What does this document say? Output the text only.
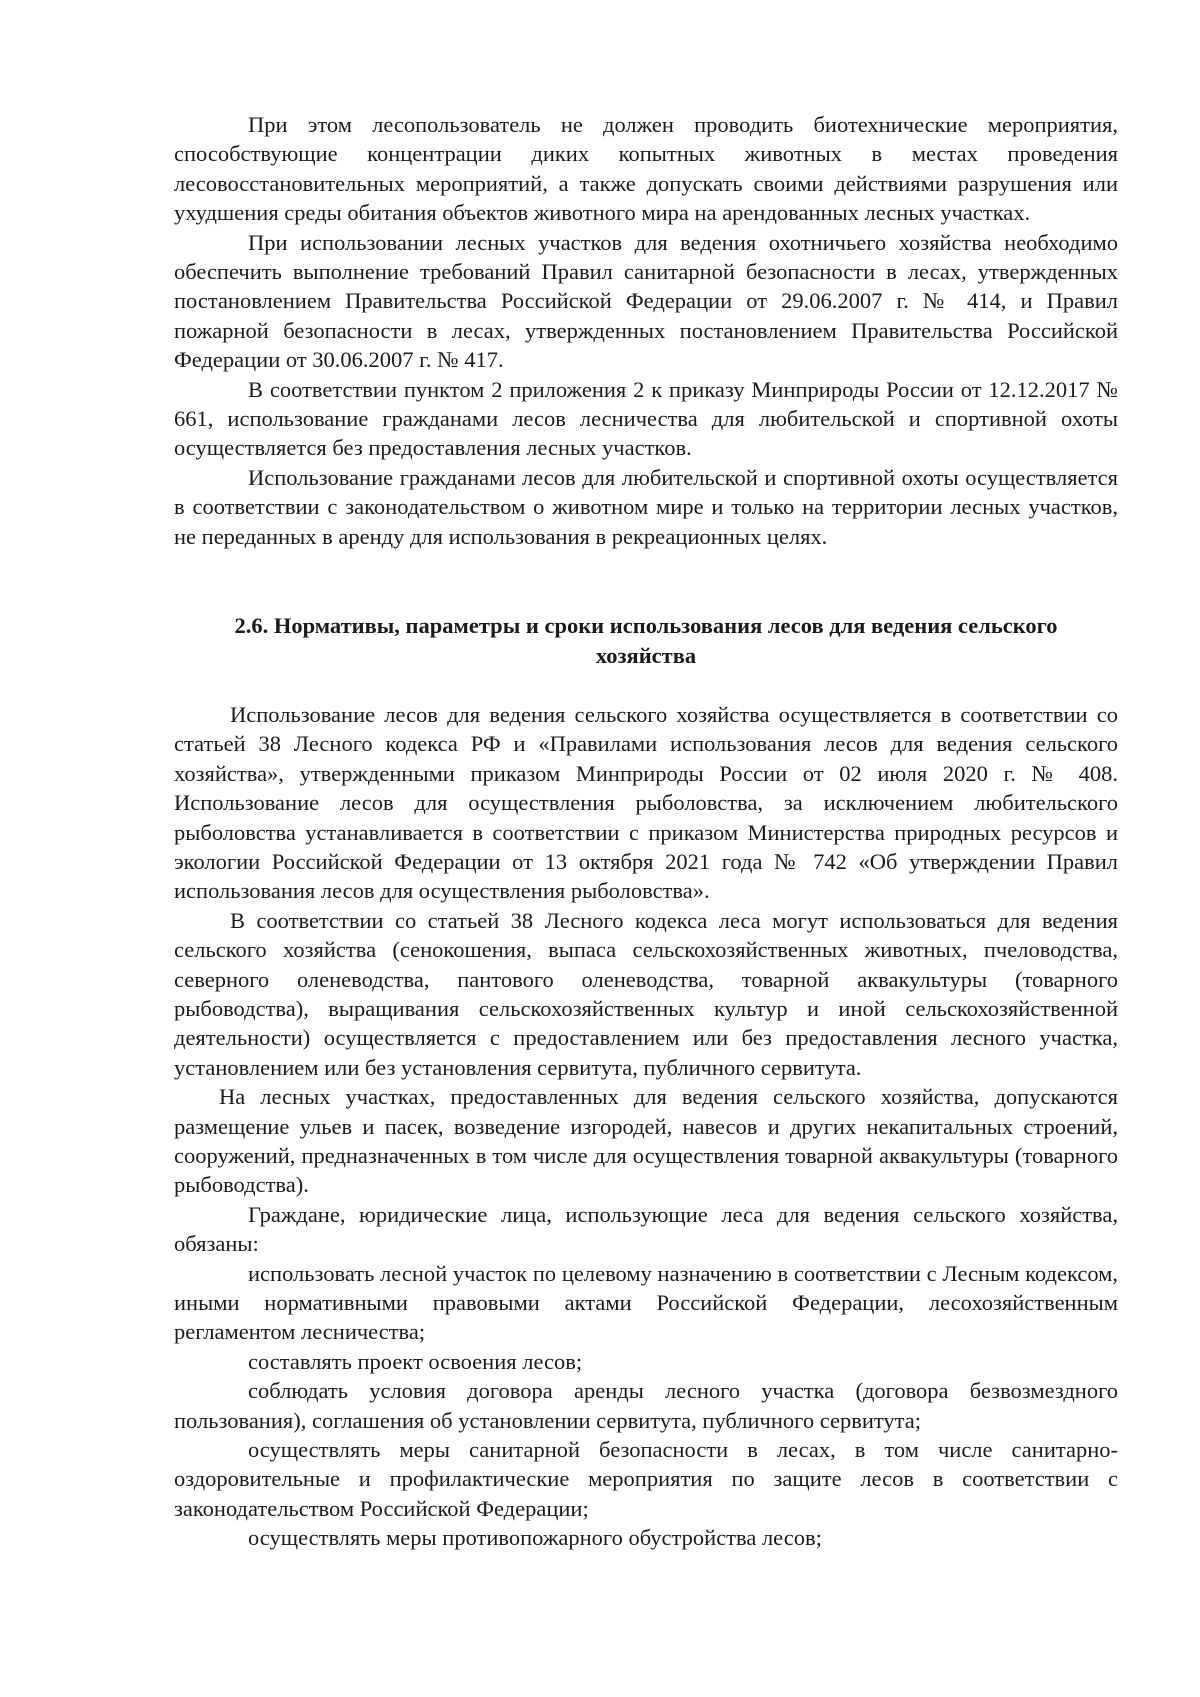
При этом лесопользователь не должен проводить биотехнические мероприятия, способствующие концентрации диких копытных животных в местах проведения лесовосстановительных мероприятий, а также допускать своими действиями разрушения или ухудшения среды обитания объектов животного мира на арендованных лесных участках.

При использовании лесных участков для ведения охотничьего хозяйства необходимо обеспечить выполнение требований Правил санитарной безопасности в лесах, утвержденных постановлением Правительства Российской Федерации от 29.06.2007 г. № 414, и Правил пожарной безопасности в лесах, утвержденных постановлением Правительства Российской Федерации от 30.06.2007 г. № 417.

В соответствии пунктом 2 приложения 2 к приказу Минприроды России от 12.12.2017 № 661, использование гражданами лесов лесничества для любительской и спортивной охоты осуществляется без предоставления лесных участков.

Использование гражданами лесов для любительской и спортивной охоты осуществляется в соответствии с законодательством о животном мире и только на территории лесных участков, не переданных в аренду для использования в рекреационных целях.

2.6. Нормативы, параметры и сроки использования лесов для ведения сельского

хозяйства

Использование лесов для ведения сельского хозяйства осуществляется в соответствии со статьей 38 Лесного кодекса РФ и «Правилами использования лесов для ведения сельского хозяйства», утвержденными приказом Минприроды России от 02 июля 2020 г. № 408. Использование лесов для осуществления рыболовства, за исключением любительского рыболовства устанавливается в соответствии с приказом Министерства природных ресурсов и экологии Российской Федерации от 13 октября 2021 года № 742 «Об утверждении Правил использования лесов для осуществления рыболовства».

В соответствии со статьей 38 Лесного кодекса леса могут использоваться для ведения сельского хозяйства (сенокошения, выпаса сельскохозяйственных животных, пчеловодства, северного оленеводства, пантового оленеводства, товарной аквакультуры (товарного рыбоводства), выращивания сельскохозяйственных культур и иной сельскохозяйственной деятельности) осуществляется с предоставлением или без предоставления лесного участка, установлением или без установления сервитута, публичного сервитута.

На лесных участках, предоставленных для ведения сельского хозяйства, допускаются размещение ульев и пасек, возведение изгородей, навесов и других некапитальных строений, сооружений, предназначенных в том числе для осуществления товарной аквакультуры (товарного рыбоводства).

Граждане, юридические лица, использующие леса для ведения сельского хозяйства, обязаны:

использовать лесной участок по целевому назначению в соответствии с Лесным кодексом, иными нормативными правовыми актами Российской Федерации, лесохозяйственным регламентом лесничества;

составлять проект освоения лесов;

соблюдать условия договора аренды лесного участка (договора безвозмездного пользования), соглашения об установлении сервитута, публичного сервитута;

осуществлять меры санитарной безопасности в лесах, в том числе санитарно-оздоровительные и профилактические мероприятия по защите лесов в соответствии с законодательством Российской Федерации;

осуществлять меры противопожарного обустройства лесов;
